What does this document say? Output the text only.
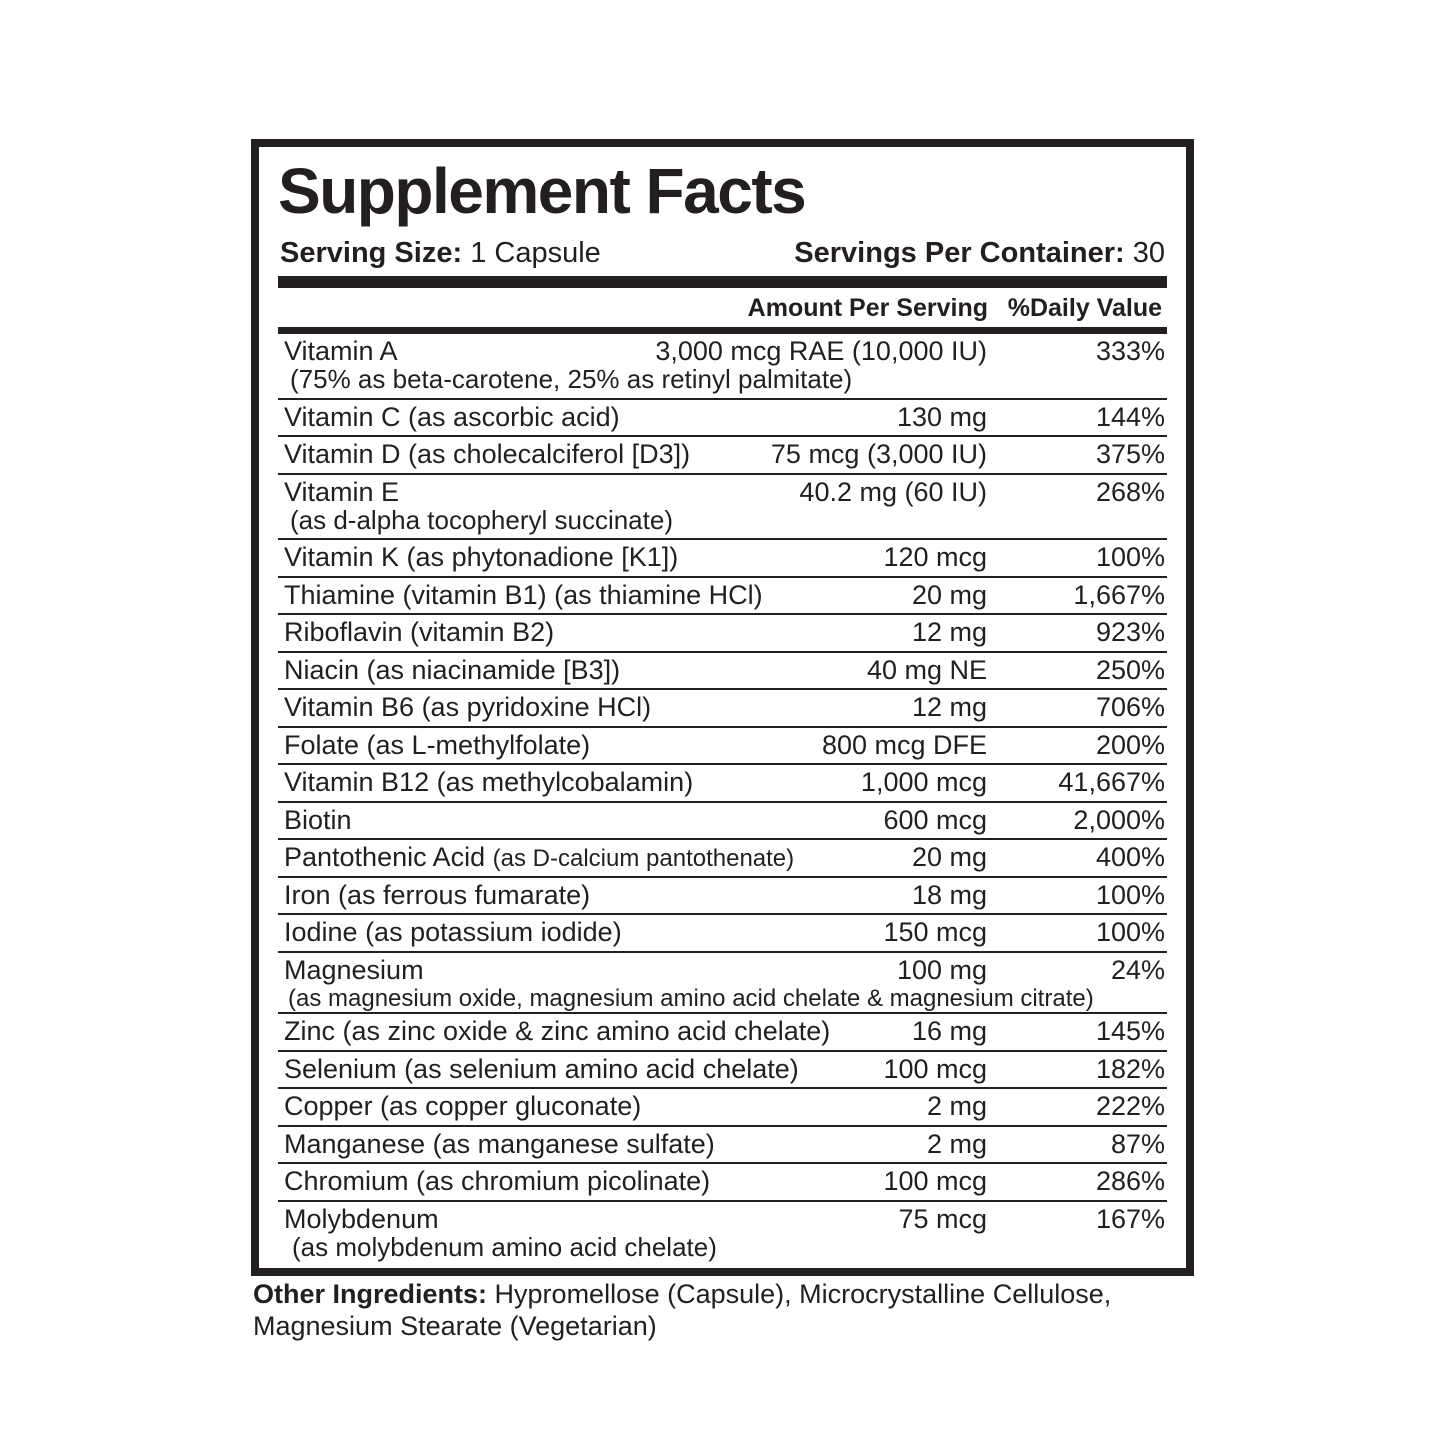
Supplement Facts
Serving Size: 1 Capsule	Servings Per Container: 30
Amount Per Serving %Daily Value
Vitamin A	3,000 mcg RAE (10,000 IU)	333%
(75% as beta-carotene, 25% as retinyl palmitate)
Vitamin C (as ascorbic acid)	130 mg	144%
Vitamin D (as cholecalciferol [D3])	75 mcg (3,000 IU)	375%
Vitamin E	40.2 mg (60 IU)	268%
(as d-alpha tocopheryl succinate)
Vitamin K (as phytonadione [K1])	120 mcg	100%
Thiamine (vitamin B1) (as thiamine HCl)	20 mg	1,667%
Riboflavin (vitamin B2)	12 mg	923%
Niacin (as niacinamide [B3])	40 mg NE	250%
Vitamin B6 (as pyridoxine HCl)	12 mg	706%
Folate (as L-methylfolate)	800 mcg DFE	200%
Vitamin B12 (as methylcobalamin)	1,000 mcg	41,667%
Biotin	600 mcg	2,000%
Pantothenic Acid (as D-calcium pantothenate)	20 mg	400%
Iron (as ferrous fumarate)	18 mg	100%
Iodine (as potassium iodide)	150 mcg	100%
Magnesium	100 mg	24%
(as magnesium oxide, magnesium amino acid chelate & magnesium citrate)
Zinc (as zinc oxide & zinc amino acid chelate)	16 mg	145%
Selenium (as selenium amino acid chelate)	100 mcg	182%
Copper (as copper gluconate)	2 mg	222%
Manganese (as manganese sulfate)	2 mg	87%
Chromium (as chromium picolinate)	100 mcg	286%
Molybdenum	75 mcg	167%
(as molybdenum amino acid chelate)

Other Ingredients: Hypromellose (Capsule), Microcrystalline Cellulose, Magnesium Stearate (Vegetarian)
